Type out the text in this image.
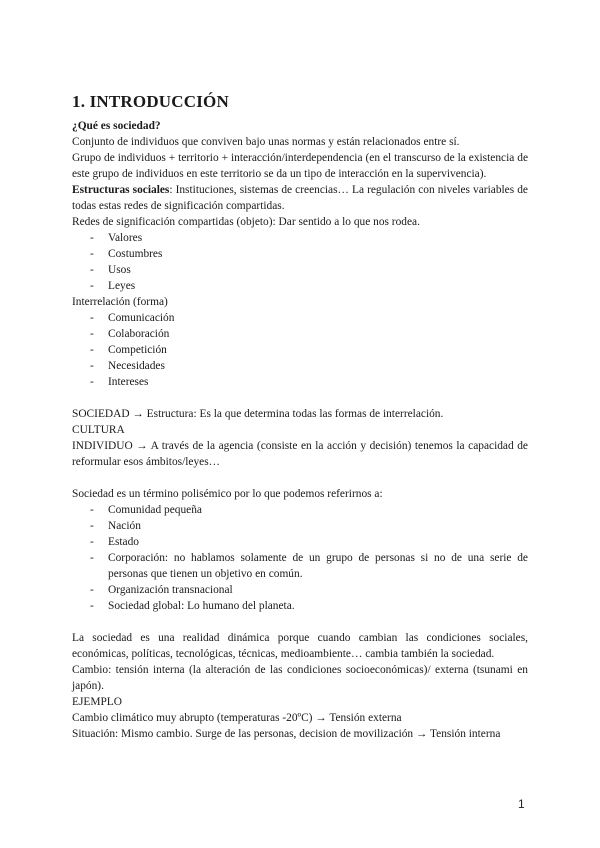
1. INTRODUCCIÓN

¿Qué es sociedad?

Conjunto de individuos que conviven bajo unas normas y están relacionados entre sí.

Grupo de individuos + territorio + interacción/interdependencia (en el transcurso de la existencia de este grupo de individuos en este territorio se da un tipo de interacción en la supervivencia).

Estructuras sociales: Instituciones, sistemas de creencias… La regulación con niveles variables de todas estas redes de significación compartidas.

Redes de significación compartidas (objeto): Dar sentido a lo que nos rodea.

- Valores
- Costumbres
- Usos
- Leyes

Interrelación (forma)

- Comunicación
- Colaboración
- Competición
- Necesidades
- Intereses

SOCIEDAD → Estructura: Es la que determina todas las formas de interrelación.

CULTURA

INDIVIDUO → A través de la agencia (consiste en la acción y decisión) tenemos la capacidad de reformular esos ámbitos/leyes…

Sociedad es un término polisémico por lo que podemos referirnos a:

- Comunidad pequeña
- Nación
- Estado
- Corporación: no hablamos solamente de un grupo de personas si no de una serie de personas que tienen un objetivo en común.
- Organización transnacional
- Sociedad global: Lo humano del planeta.

La sociedad es una realidad dinámica porque cuando cambian las condiciones sociales, económicas, políticas, tecnológicas, técnicas, medioambiente… cambia también la sociedad.

Cambio: tensión interna (la alteración de las condiciones socioeconómicas)/ externa (tsunami en japón).

EJEMPLO

Cambio climático muy abrupto (temperaturas -20ºC) → Tensión externa

Situación: Mismo cambio. Surge de las personas, decision de movilización → Tensión interna

1
